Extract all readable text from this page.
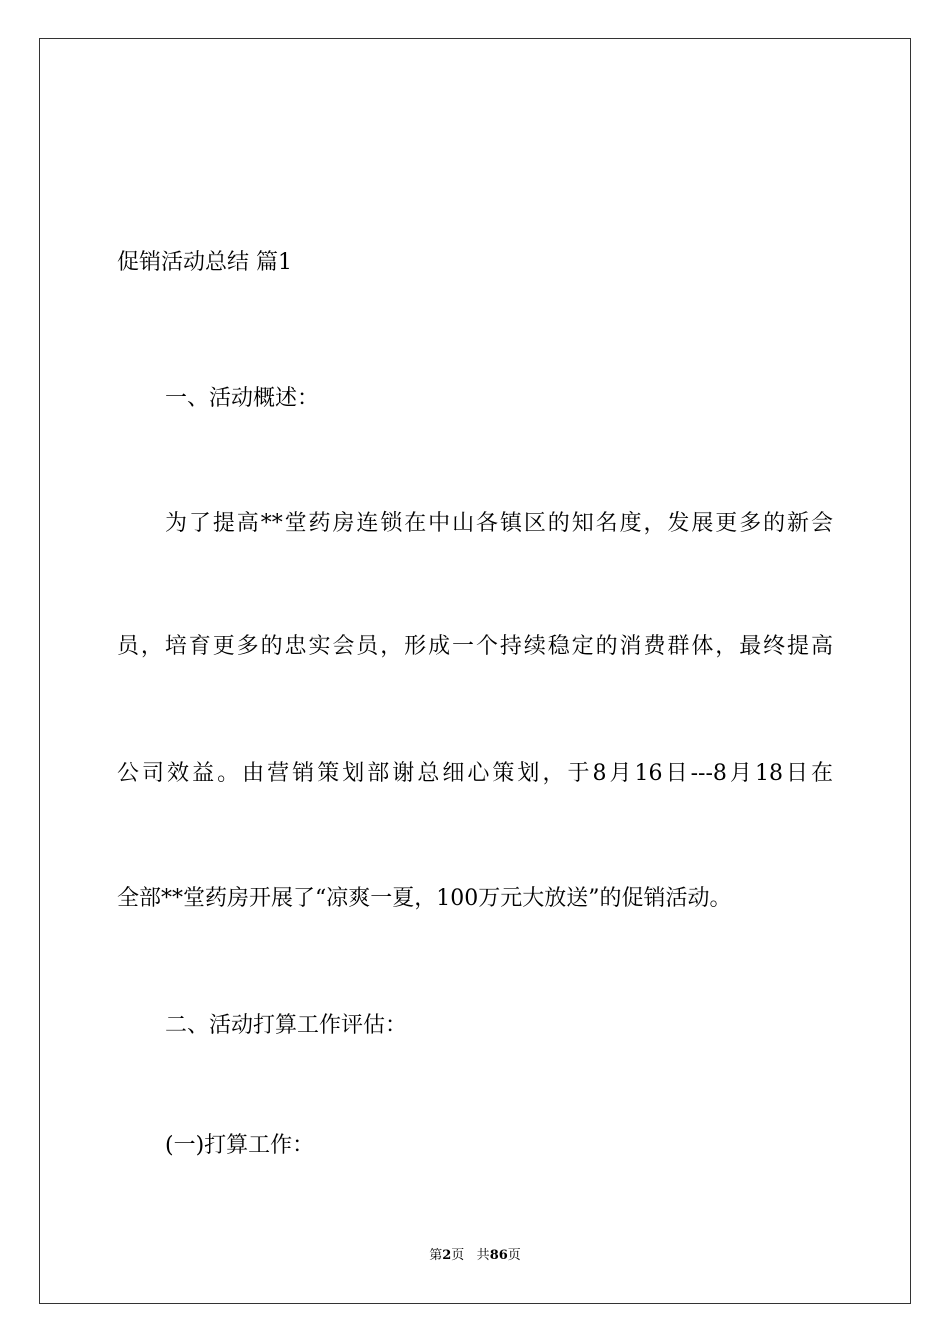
促销活动总结 篇1
一、活动概述：
为了提高**堂药房连锁在中山各镇区的知名度，发展更多的新会
员，培育更多的忠实会员，形成一个持续稳定的消费群体，最终提高
公司效益。由营销策划部谢总细心策划，于8月16日---8月18日在
全部**堂药房开展了“凉爽一夏，100万元大放送”的促销活动。
二、活动打算工作评估：
(一)打算工作：
第2页 共86页
